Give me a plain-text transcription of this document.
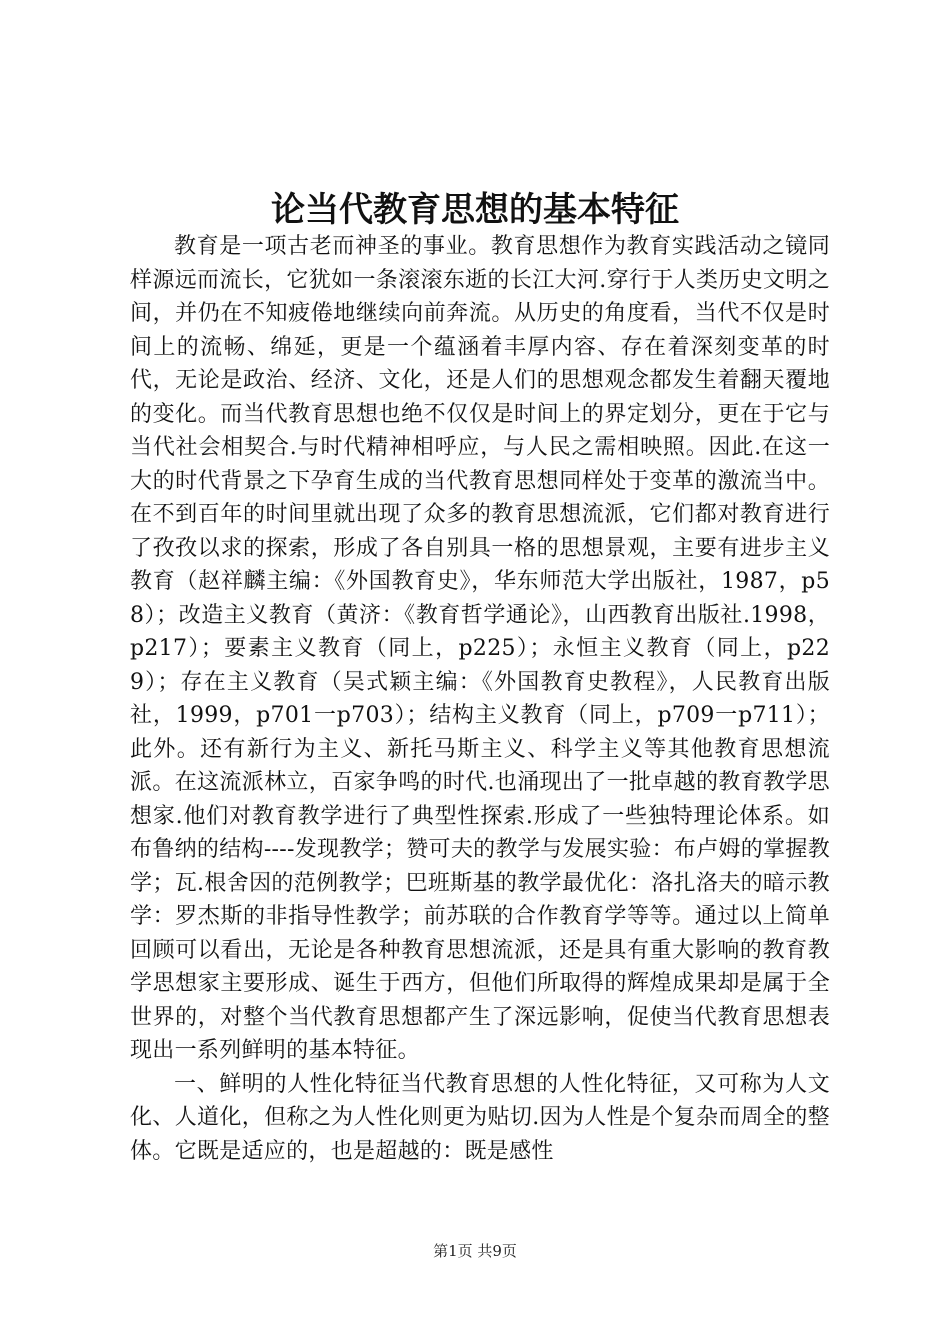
论当代教育思想的基本特征

教育是一项古老而神圣的事业。教育思想作为教育实践活动之镜同样源远而流长，它犹如一条滚滚东逝的长江大河.穿行于人类历史文明之间，并仍在不知疲倦地继续向前奔流。从历史的角度看，当代不仅是时间上的流畅、绵延，更是一个蕴涵着丰厚内容、存在着深刻变革的时代，无论是政治、经济、文化，还是人们的思想观念都发生着翻天覆地的变化。而当代教育思想也绝不仅仅是时间上的界定划分，更在于它与当代社会相契合.与时代精神相呼应，与人民之需相映照。因此.在这一大的时代背景之下孕育生成的当代教育思想同样处于变革的激流当中。在不到百年的时间里就出现了众多的教育思想流派，它们都对教育进行了孜孜以求的探索，形成了各自别具一格的思想景观，主要有进步主义教育（赵祥麟主编：《外国教育史》，华东师范大学出版社，1987，p58）；改造主义教育（黄济：《教育哲学通论》，山西教育出版社.1998，p217）；要素主义教育（同上，p225）；永恒主义教育（同上，p229）；存在主义教育（吴式颖主编：《外国教育史教程》，人民教育出版社，1999，p701一p703）；结构主义教育（同上，p709一p711）；此外。还有新行为主义、新托马斯主义、科学主义等其他教育思想流派。在这流派林立，百家争鸣的时代.也涌现出了一批卓越的教育教学思想家.他们对教育教学进行了典型性探索.形成了一些独特理论体系。如布鲁纳的结构----发现教学；赞可夫的教学与发展实验：布卢姆的掌握教学；瓦.根舍因的范例教学；巴班斯基的教学最优化：洛扎洛夫的暗示教学：罗杰斯的非指导性教学；前苏联的合作教育学等等。通过以上简单回顾可以看出，无论是各种教育思想流派，还是具有重大影响的教育教学思想家主要形成、诞生于西方，但他们所取得的辉煌成果却是属于全世界的，对整个当代教育思想都产生了深远影响，促使当代教育思想表现出一系列鲜明的基本特征。

一、鲜明的人性化特征当代教育思想的人性化特征，又可称为人文化、人道化，但称之为人性化则更为贴切.因为人性是个复杂而周全的整体。它既是适应的，也是超越的：既是感性

第1页 共9页
